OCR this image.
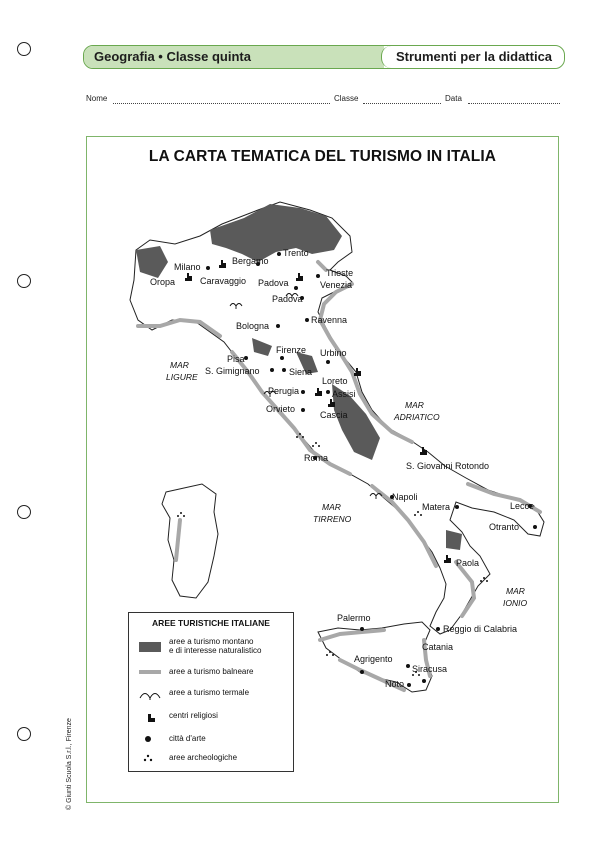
Geografia • Classe quinta	Strumenti per la didattica
Nome	Classe	Data
LA CARTA TEMATICA DEL TURISMO IN ITALIA
MAR
LIGURE
MAR
ADRIATICO
MAR
TIRRENO
MAR
IONIO
Trento
Bergamo
Milano
Oropa	Caravaggio
Trieste
Venezia
Padova
Padova
Ravenna
Bologna
Firenze
Pisa
S. Gimignano	Siena
Urbino
Loreto
Perugia	Assisi
Orvieto
Cascia
Roma
S. Giovanni Rotondo
Napoli
Matera	Lecce
Otranto
Paola
Palermo
Reggio di Calabria
Catania
Agrigento
Siracusa
Noto
AREE TURISTICHE ITALIANE
aree a turismo montano
e di interesse naturalistico
aree a turismo balneare
aree a turismo termale
centri religiosi
città d'arte
aree archeologiche
© Giunti Scuola S.r.l., Firenze
